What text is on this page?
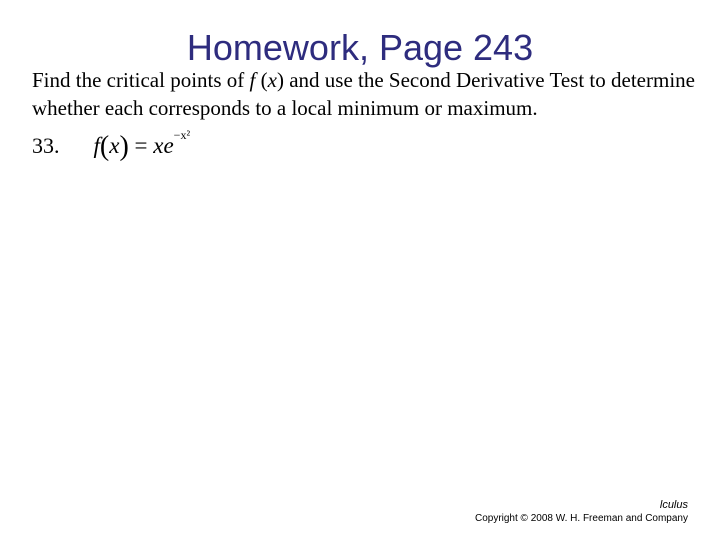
Homework, Page 243

Find the critical points of f (x) and use the Second Derivative Test to determine whether each corresponds to a local minimum or maximum.

33. $f(x) = xe^{-x^2}$
lculus
Copyright © 2008 W. H. Freeman and Company
